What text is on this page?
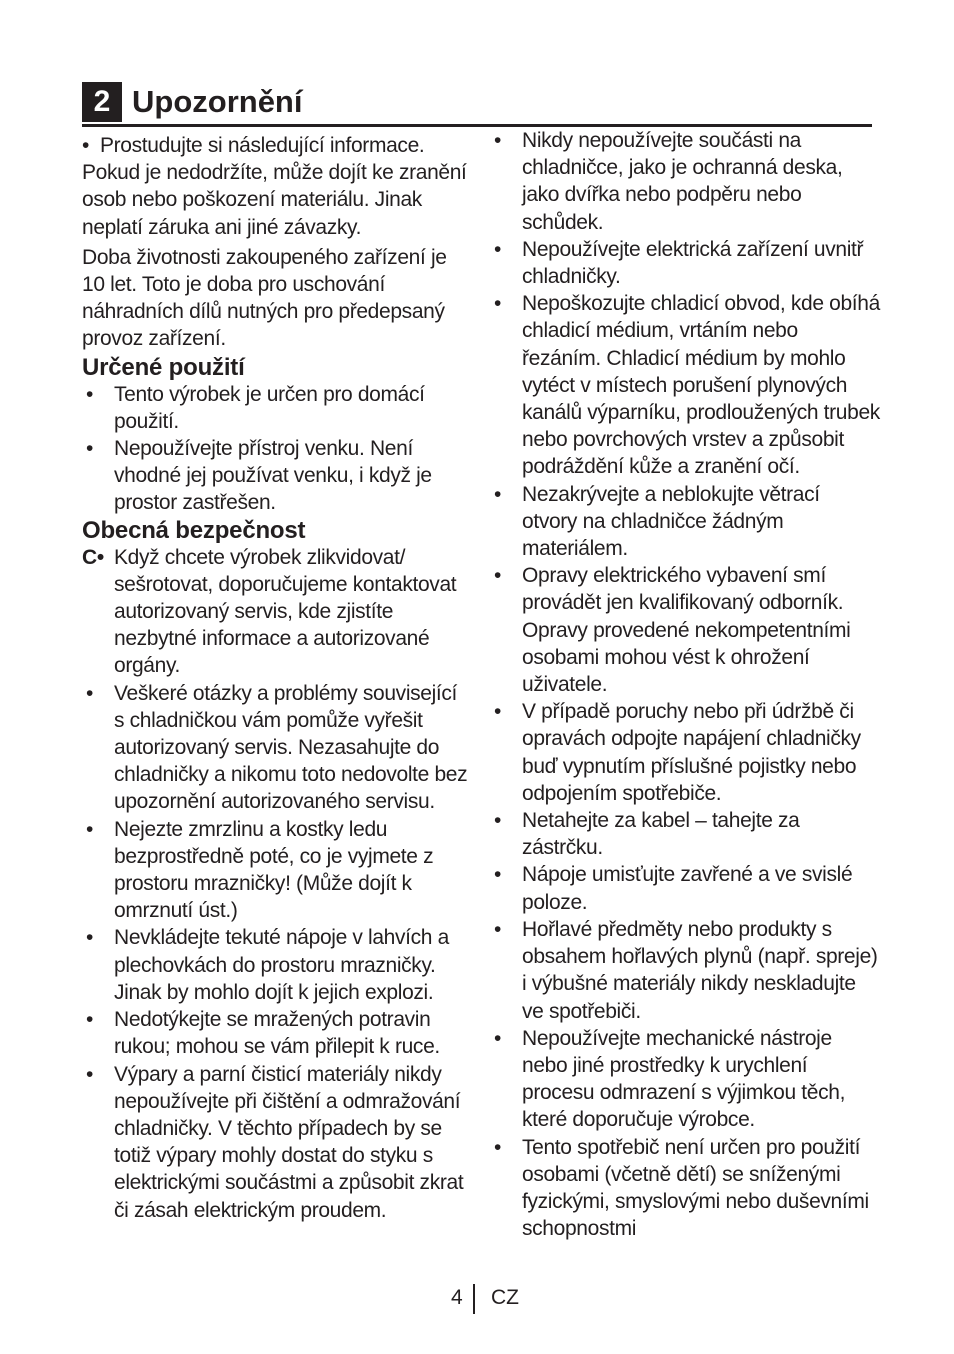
2 Upozornění

• Prostudujte si následující informace. Pokud je nedodržíte, může dojít ke zranění osob nebo poškození materiálu. Jinak neplatí záruka ani jiné závazky.

Doba životnosti zakoupeného zařízení je 10 let. Toto je doba pro uschování náhradních dílů nutných pro předepsaný provoz zařízení.

Určené použití
•
Tento výrobek je určen pro domácí použití.
•
Nepoužívejte přístroj venku. Není vhodné jej používat venku, i když je prostor zastřešen.
Obecná bezpečnost
C• Když chcete výrobek zlikvidovat/ sešrotovat, doporučujeme kontaktovat autorizovaný servis, kde zjistíte nezbytné informace a autorizované orgány.
•
Veškeré otázky a problémy související s chladničkou vám pomůže vyřešit autorizovaný servis. Nezasahujte do chladničky a nikomu toto nedovolte bez upozornění autorizovaného servisu.
•
Nejezte zmrzlinu a kostky ledu bezprostředně poté, co je vyjmete z prostoru mrazničky! (Může dojít k omrznutí úst.)
•
Nevkládejte tekuté nápoje v lahvích a plechovkách do prostoru mrazničky. Jinak by mohlo dojít k jejich explozi.
•
Nedotýkejte se mražených potravin rukou; mohou se vám přilepit k ruce.
•
Výpary a parní čisticí materiály nikdy nepoužívejte při čištění a odmražování chladničky. V těchto případech by se totiž výpary mohly dostat do styku s elektrickými součástmi a způsobit zkrat či zásah elektrickým proudem.
•
Nikdy nepoužívejte součásti na chladničce, jako je ochranná deska, jako dvířka nebo podpěru nebo schůdek.
•
Nepoužívejte elektrická zařízení uvnitř chladničky.
•
Nepoškozujte chladicí obvod, kde obíhá chladicí médium, vrtáním nebo řezáním. Chladicí médium by mohlo vytéct v místech porušení plynových kanálů výparníku, prodloužených trubek nebo povrchových vrstev a způsobit podráždění kůže a zranění očí.
•
Nezakrývejte a neblokujte větrací otvory na chladničce žádným materiálem.
•
Opravy elektrického vybavení smí provádět jen kvalifikovaný odborník. Opravy provedené nekompetentními osobami mohou vést k ohrožení uživatele.
•
V případě poruchy nebo při údržbě či opravách odpojte napájení chladničky buď vypnutím příslušné pojistky nebo odpojením spotřebiče.
•
Netahejte za kabel – tahejte za zástrčku.
•
Nápoje umisťujte zavřené a ve svislé poloze.
•
Hořlavé předměty nebo produkty s obsahem hořlavých plynů (např. spreje) i výbušné materiály nikdy neskladujte ve spotřebiči.
•
Nepoužívejte mechanické nástroje nebo jiné prostředky k urychlení procesu odmrazení s výjimkou těch, které doporučuje výrobce.
•
Tento spotřebič není určen pro použití osobami (včetně dětí) se sníženými fyzickými, smyslovými nebo duševními schopnostmi
4 CZ
